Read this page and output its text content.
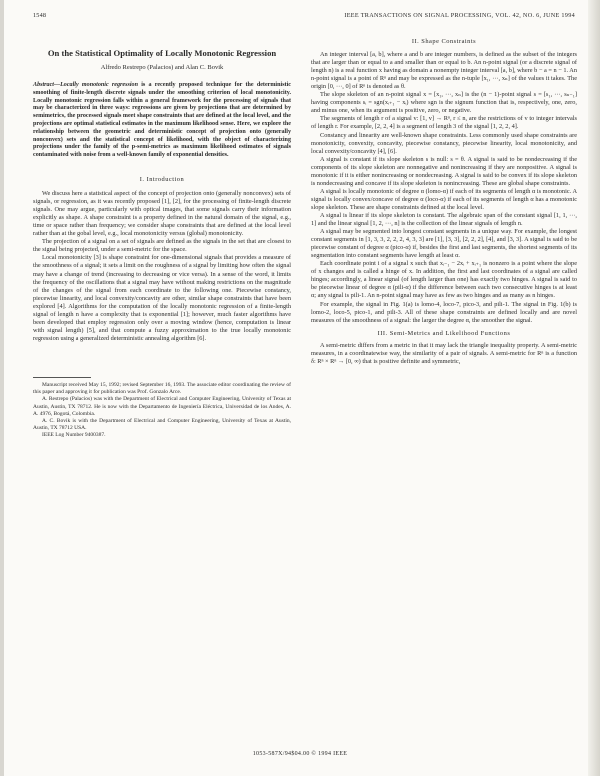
1548	IEEE TRANSACTIONS ON SIGNAL PROCESSING, VOL. 42, NO. 6, JUNE 1994
On the Statistical Optimality of Locally Monotonic Regression
Alfredo Restrepo (Palacios) and Alan C. Bovik

Abstract—Locally monotonic regression is a recently proposed technique for the deterministic smoothing of finite-length discrete signals under the smoothing criterion of local monotonicity. Locally monotonic regression falls within a general framework for the processing of signals that may be characterized in three ways: regressions are given by projections that are determined by semimetrics, the processed signals meet shape constraints that are defined at the local level, and the projections are optimal statistical estimates in the maximum likelihood sense. Here, we explore the relationship between the geometric and deterministic concept of projection onto (generally nonconvex) sets and the statistical concept of likelihood, with the object of characterizing projections under the family of the p-semi-metrics as maximum likelihood estimates of signals contaminated with noise from a well-known family of exponential densities.

I. Introduction

We discuss here a statistical aspect of the concept of projection onto (generally nonconvex) sets of signals, or regression, as it was recently proposed [1], [2], for the processing of finite-length discrete signals. One may argue, particularly with optical images, that some signals carry their information explicitly as shape. A shape constraint is a property defined in the natural domain of the signal, e.g., time or space rather than frequency; we consider shape constraints that are defined at the local level rather than at the gobal level, e.g., local monotonicity versus (global) monotonicity.

The projection of a signal on a set of signals are defined as the signals in the set that are closest to the signal being projected, under a semi-metric for the space.

Local monotonicity [3] is shape constraint for one-dimensional signals that provides a measure of the smoothness of a signal; it sets a limit on the roughness of a signal by limiting how often the signal may have a change of trend (increasing to decreasing or vice versa). In a sense of the word, it limits the frequency of the oscillations that a signal may have without making restrictions on the magnitude of the changes of the signal from each coordinate to the following one. Piecewise constancy, piecewise linearity, and local convexity/concavity are other, similar shape constraints that have been explored [4]. Algorithms for the computation of the locally monotonic regression of a finite-length signal of length n have a complexity that is exponential [1]; however, much faster algorithms have been developed that employ regression only over a moving window (hence, computation is linear with signal length) [5], and that compute a fuzzy approximation to the true locally monotonic regression using a generalized deterministic annealing algorithm [6].

Manuscript received May 15, 1992; revised September 16, 1993. The associate editor coordinating the review of this paper and approving it for publication was Prof. Gonzalo Arce.

A. Restrepo (Palacios) was with the Department of Electrical and Computer Engineering, University of Texas at Austin, Austin, TX 78712. He is now with the Departamento de Ingeniería Eléctrica, Universidad de los Andes, A. A. 4976, Bogotá, Colombia.

A. C. Bovik is with the Department of Electrical and Computer Engineering, University of Texas at Austin, Austin, TX 78712 USA.

IEEE Log Number 9400387.

II. Shape Constraints

An integer interval [a, b], where a and b are integer numbers, is defined as the subset of the integers that are larger than or equal to a and smaller than or equal to b. An n-point signal (or a discrete signal of length n) is a real function x having as domain a nonempty integer interval [a, b], where b − a = n − 1. An n-point signal is a point of Rⁿ and may be expressed as the n-tuple [x₁, ···, xₙ] of the values it takes. The origin [0, ···, 0] of Rⁿ is denoted as θ.

The slope skeleton of an n-point signal x = [x₁, ···, xₙ] is the (n − 1)-point signal s = [s₁, ···, sₙ₋₁] having components sᵢ = sgn(xᵢ₊₁ − xᵢ) where sgn is the signum function that is, respectively, one, zero, and minus one, when its argument is positive, zero, or negative.

The segments of length r of a signal v: [1, v] → Rⁿ, r ≤ n, are the restrictions of v to integer intervals of length r. For example, [2, 2, 4] is a segment of length 3 of the signal [1, 2, 2, 4].

Constancy and linearity are well-known shape constraints. Less commonly used shape constraints are monotonicity, convexity, concavity, piecewise constancy, piecewise linearity, local monotonicity, and local convexity/concavity [4], [6].

A signal is constant if its slope skeleton s is null: s = θ. A signal is said to be nondecreasing if the components of its slope skeleton are nonnegative and nonincreasing if they are nonpositive. A signal is monotonic if it is either nonincreasing or nondecreasing. A signal is said to be convex if its slope skeleton is nondecreasing and concave if its slope skeleton is nonincreasing. These are global shape constraints.

A signal is locally monotonic of degree α (lomo-α) if each of its segments of length α is monotonic. A signal is locally convex/concave of degree α (loco-α) if each of its segments of length α has a monotonic slope skeleton. These are shape constraints defined at the local level.

A signal is linear if its slope skeleton is constant. The algebraic span of the constant signal [1, 1, ···, 1] and the linear signal [1, 2, ···, n] is the collection of the linear signals of length n.

A signal may be segmented into longest constant segments in a unique way. For example, the longest constant segments in [1, 3, 3, 2, 2, 2, 4, 3, 3] are [1], [3, 3], [2, 2, 2], [4], and [3, 3]. A signal is said to be piecewise constant of degree α (pico-α) if, besides the first and last segments, the shortest segments of its segmentation into constant segments have length at least α.

Each coordinate point i of a signal x such that xᵢ₋₁ − 2xᵢ + xᵢ₊₁ is nonzero is a point where the slope of x changes and is called a hinge of x. In addition, the first and last coordinates of a signal are called hinges; accordingly, a linear signal (of length larger than one) has exactly two hinges. A signal is said to be piecewise linear of degree α (pili-α) if the difference between each two consecutive hinges is at least α; any signal is pili-1. An n-point signal may have as few as two hinges and as many as n hinges.

For example, the signal in Fig. 1(a) is lomo-4, loco-7, pico-3, and pili-1. The signal in Fig. 1(b) is lomo-2, loco-5, pico-1, and pili-3. All of these shape constraints are defined locally and are novel measures of the smoothness of a signal: the larger the degree α, the smoother the signal.

III. Semi-Metrics and Likelihood Functions

A semi-metric differs from a metric in that it may lack the triangle inequality property. A semi-metric measures, in a coordinatewise way, the similarity of a pair of signals. A semi-metric for Rⁿ is a function δ: Rⁿ × Rⁿ → [0, ∞) that is positive definite and symmetric,

1053-587X/94$04.00 © 1994 IEEE
